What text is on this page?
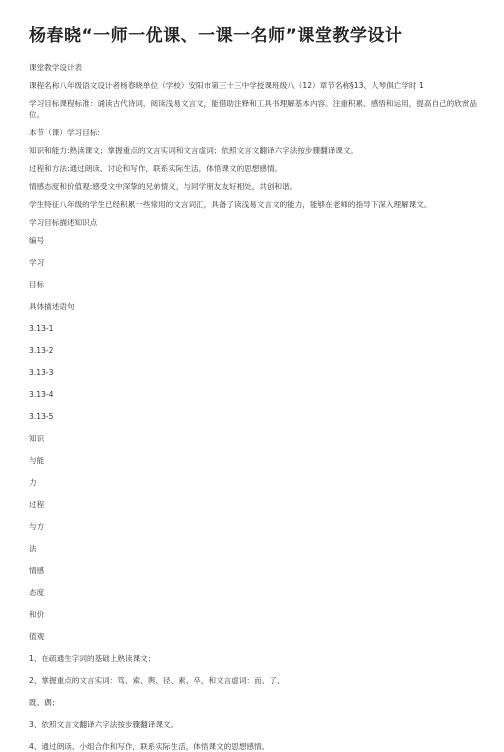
杨春晓“一师一优课、一课一名师”课堂教学设计

课堂教学设计表

课程名称八年级语文设计者杨春晓单位（学校）安阳市第三十三中学授课班级八（12）章节名称§13、人琴俱亡学时 1

学习目标课程标准：诵读古代诗词，阅读浅易文言文，能借助注释和工具书理解基本内容。注重积累、感悟和运用，提高自己的欣赏品位。

本节（课）学习目标:

知识和能力:熟读课文；掌握重点的文言实词和文言虚词；依照文言文翻译六字法按步骤翻译课文。

过程和方法:通过朗读、讨论和写作，联系实际生活，体悟课文的思想感情。

情感态度和价值观:感受文中深挚的兄弟情义，与同学朋友友好相处，共创和谐。

学生特征八年级的学生已经积累一些常用的文言词汇，具备了读浅易文言文的能力，能够在老师的指导下深入理解课文。

学习目标描述知识点

编号

学习

目标

具体描述语句

3.13-1

3.13-2

3.13-3

3.13-4

3.13-5

知识

与能

力

过程

与方

法

情感

态度

和价

值观

1、在疏通生字词的基础上熟读课文；

2、掌握重点的文言实词：笃、索、舆、径、素、卒，和文言虚词：而、了、

既、偶；

3、依照文言文翻译六字法按步骤翻译课文。

4、通过朗读、小组合作和写作，联系实际生活，体悟课文的思想感情。
